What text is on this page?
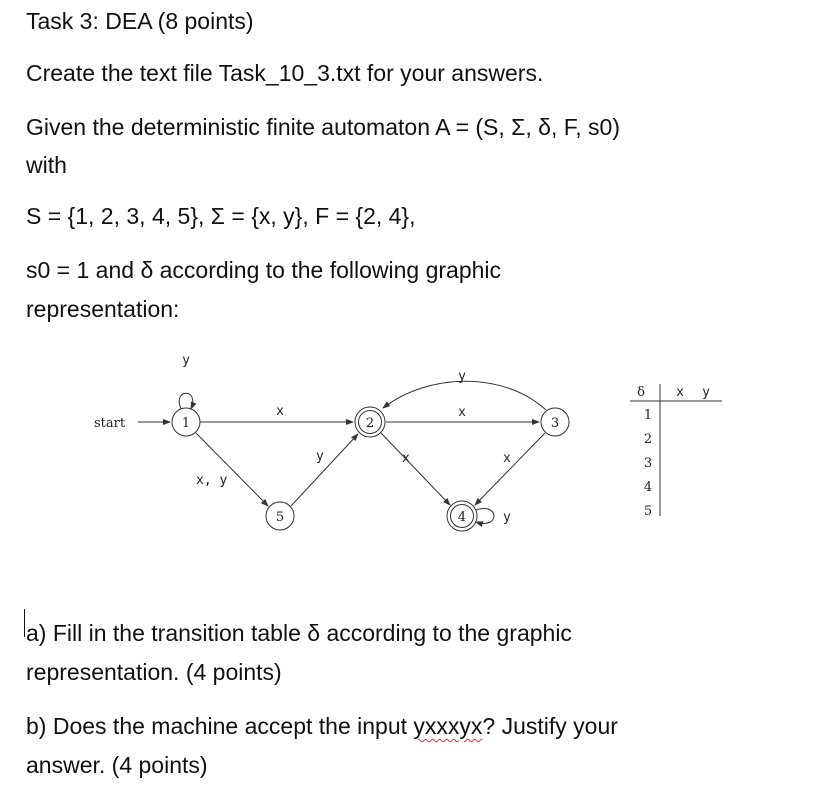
Task 3: DEA (8 points)

Create the text file Task_10_3.txt for your answers.

Given the deterministic finite automaton A = (S, Σ, δ, F, s0)

with

S = {1, 2, 3, 4, 5}, Σ = {x, y}, F = {2, 4},

s0 = 1 and δ according to the following graphic

representation:

start	1	2	3
4
5
y
x
x, y
y
x
y
x	x
y
δ x y
1
2
3
4
5

a) Fill in the transition table δ according to the graphic

representation. (4 points)

b) Does the machine accept the input yxxxyx? Justify your

answer. (4 points)
